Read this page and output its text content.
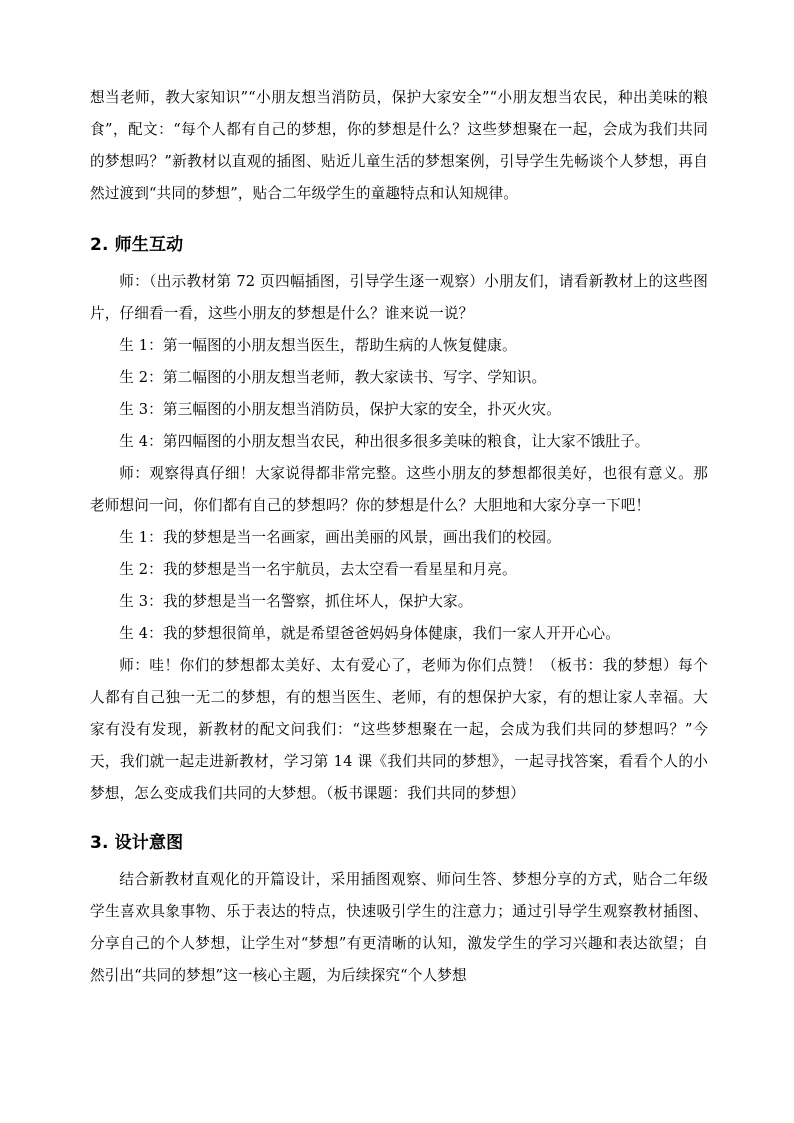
想当老师，教大家知识”“小朋友想当消防员，保护大家安全”“小朋友想当农民，种出美味的粮食”，配文：“每个人都有自己的梦想，你的梦想是什么？这些梦想聚在一起，会成为我们共同的梦想吗？”新教材以直观的插图、贴近儿童生活的梦想案例，引导学生先畅谈个人梦想，再自然过渡到“共同的梦想”，贴合二年级学生的童趣特点和认知规律。

2. 师生互动

师：（出示教材第 72 页四幅插图，引导学生逐一观察）小朋友们，请看新教材上的这些图片，仔细看一看，这些小朋友的梦想是什么？谁来说一说？

生 1：第一幅图的小朋友想当医生，帮助生病的人恢复健康。

生 2：第二幅图的小朋友想当老师，教大家读书、写字、学知识。

生 3：第三幅图的小朋友想当消防员，保护大家的安全，扑灭火灾。

生 4：第四幅图的小朋友想当农民，种出很多很多美味的粮食，让大家不饿肚子。

师：观察得真仔细！大家说得都非常完整。这些小朋友的梦想都很美好，也很有意义。那老师想问一问，你们都有自己的梦想吗？你的梦想是什么？大胆地和大家分享一下吧！

生 1：我的梦想是当一名画家，画出美丽的风景，画出我们的校园。

生 2：我的梦想是当一名宇航员，去太空看一看星星和月亮。

生 3：我的梦想是当一名警察，抓住坏人，保护大家。

生 4：我的梦想很简单，就是希望爸爸妈妈身体健康，我们一家人开开心心。

师：哇！你们的梦想都太美好、太有爱心了，老师为你们点赞！（板书：我的梦想）每个人都有自己独一无二的梦想，有的想当医生、老师，有的想保护大家，有的想让家人幸福。大家有没有发现，新教材的配文问我们：“这些梦想聚在一起，会成为我们共同的梦想吗？”今天，我们就一起走进新教材，学习第 14 课《我们共同的梦想》，一起寻找答案，看看个人的小梦想，怎么变成我们共同的大梦想。（板书课题：我们共同的梦想）

3. 设计意图

结合新教材直观化的开篇设计，采用插图观察、师问生答、梦想分享的方式，贴合二年级学生喜欢具象事物、乐于表达的特点，快速吸引学生的注意力；通过引导学生观察教材插图、分享自己的个人梦想，让学生对“梦想”有更清晰的认知，激发学生的学习兴趣和表达欲望；自然引出“共同的梦想”这一核心主题，为后续探究“个人梦想
